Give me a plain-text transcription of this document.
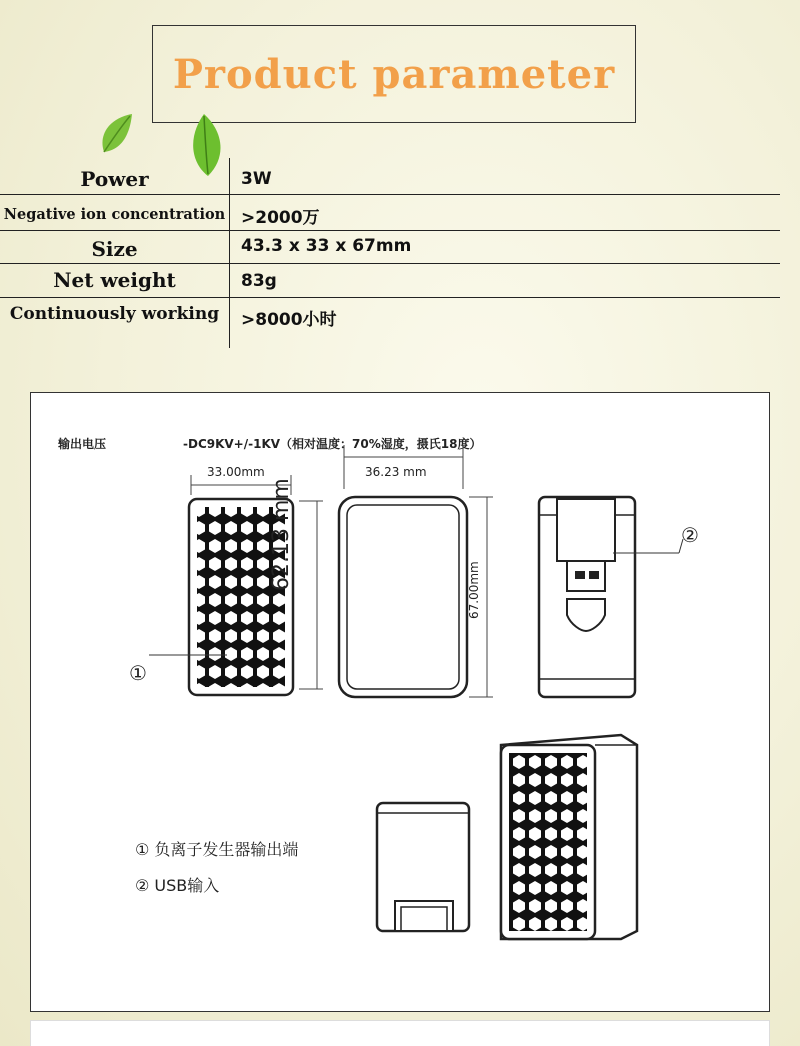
Product parameter
Power	3W
Negative ion concentration >2000万
Size	43.3 x 33 x 67mm
Net weight	83g
Continuously working	>8000小时
输出电压	-DC9KV+/-1KV（相对温度：70%湿度，摄氏18度）
33.00mm	36.23 mm
62.13 mm	67.00mm
①
②
① 负离子发生器输出端
② USB输入
